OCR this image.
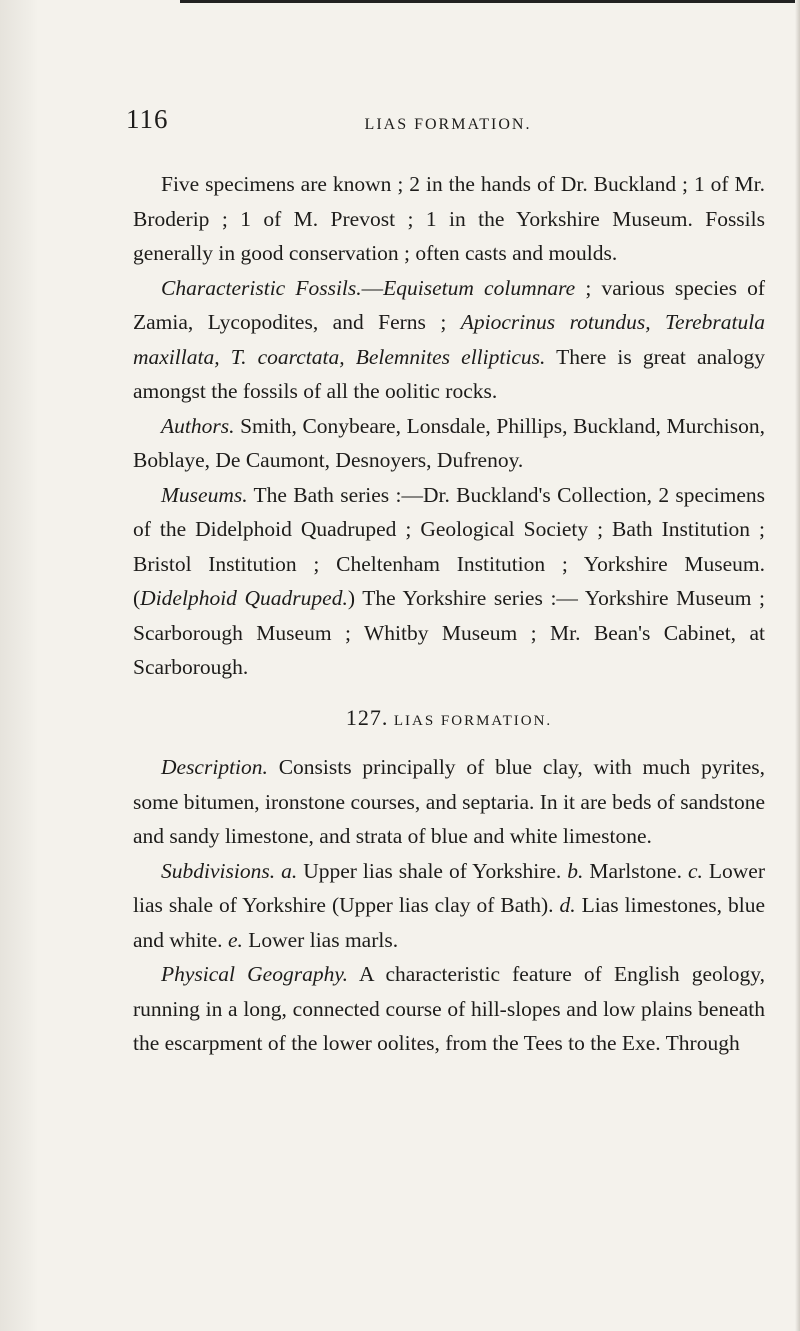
116	LIAS FORMATION.

Five specimens are known ; 2 in the hands of Dr. Buckland ; 1 of Mr. Broderip ; 1 of M. Prevost ; 1 in the Yorkshire Museum. Fossils generally in good conservation ; often casts and moulds.

Characteristic Fossils.—Equisetum columnare ; various species of Zamia, Lycopodites, and Ferns ; Apiocrinus rotundus, Terebratula maxillata, T. coarctata, Belemnites ellipticus. There is great analogy amongst the fossils of all the oolitic rocks.

Authors. Smith, Conybeare, Lonsdale, Phillips, Buckland, Murchison, Boblaye, De Caumont, Desnoyers, Dufrenoy.

Museums. The Bath series :—Dr. Buckland's Collection, 2 specimens of the Didelphoid Quadruped ; Geological Society ; Bath Institution ; Bristol Institution ; Cheltenham Institution ; Yorkshire Museum. (Didelphoid Quadruped.) The Yorkshire series :— Yorkshire Museum ; Scarborough Museum ; Whitby Museum ; Mr. Bean's Cabinet, at Scarborough.

127. LIAS FORMATION.

Description. Consists principally of blue clay, with much pyrites, some bitumen, ironstone courses, and septaria. In it are beds of sandstone and sandy limestone, and strata of blue and white limestone.

Subdivisions. a. Upper lias shale of Yorkshire. b. Marlstone. c. Lower lias shale of Yorkshire (Upper lias clay of Bath). d. Lias limestones, blue and white. e. Lower lias marls.

Physical Geography. A characteristic feature of English geology, running in a long, connected course of hill-slopes and low plains beneath the escarpment of the lower oolites, from the Tees to the Exe. Through
